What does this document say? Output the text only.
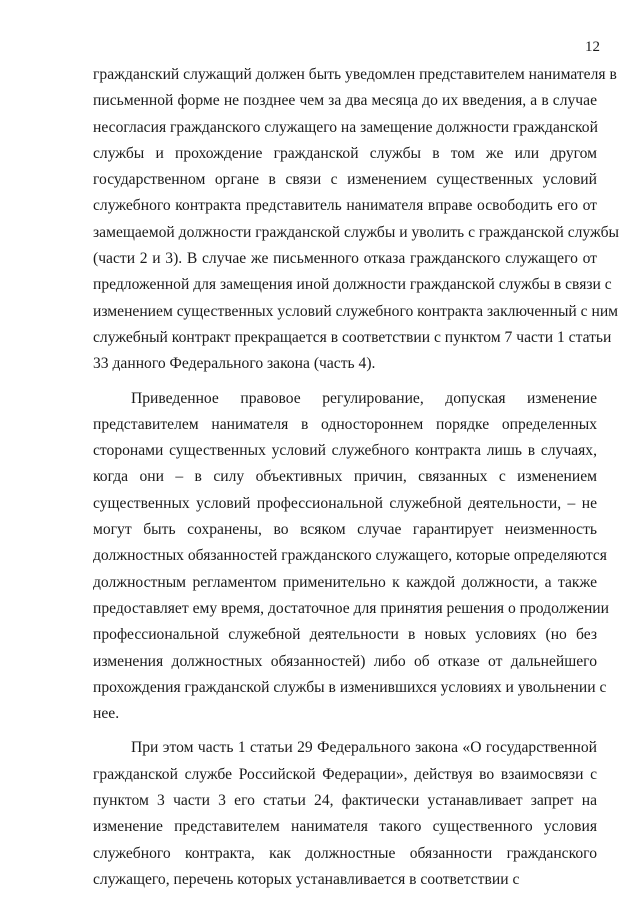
12
гражданский служащий должен быть уведомлен представителем нанимателя в
письменной форме не позднее чем за два месяца до их введения, а в случае
несогласия гражданского служащего на замещение должности гражданской
службы и прохождение гражданской службы в том же или другом
государственном органе в связи с изменением существенных условий
служебного контракта представитель нанимателя вправе освободить его от
замещаемой должности гражданской службы и уволить с гражданской службы
(части 2 и 3). В случае же письменного отказа гражданского служащего от
предложенной для замещения иной должности гражданской службы в связи с
изменением существенных условий служебного контракта заключенный с ним
служебный контракт прекращается в соответствии с пунктом 7 части 1 статьи
33 данного Федерального закона (часть 4).
Приведенное правовое регулирование, допуская изменение
представителем нанимателя в одностороннем порядке определенных
сторонами существенных условий служебного контракта лишь в случаях,
когда они – в силу объективных причин, связанных с изменением
существенных условий профессиональной служебной деятельности, – не
могут быть сохранены, во всяком случае гарантирует неизменность
должностных обязанностей гражданского служащего, которые определяются
должностным регламентом применительно к каждой должности, а также
предоставляет ему время, достаточное для принятия решения о продолжении
профессиональной служебной деятельности в новых условиях (но без
изменения должностных обязанностей) либо об отказе от дальнейшего
прохождения гражданской службы в изменившихся условиях и увольнении с
нее.
При этом часть 1 статьи 29 Федерального закона «О государственной
гражданской службе Российской Федерации», действуя во взаимосвязи с
пунктом 3 части 3 его статьи 24, фактически устанавливает запрет на
изменение представителем нанимателя такого существенного условия
служебного контракта, как должностные обязанности гражданского
служащего, перечень которых устанавливается в соответствии с
